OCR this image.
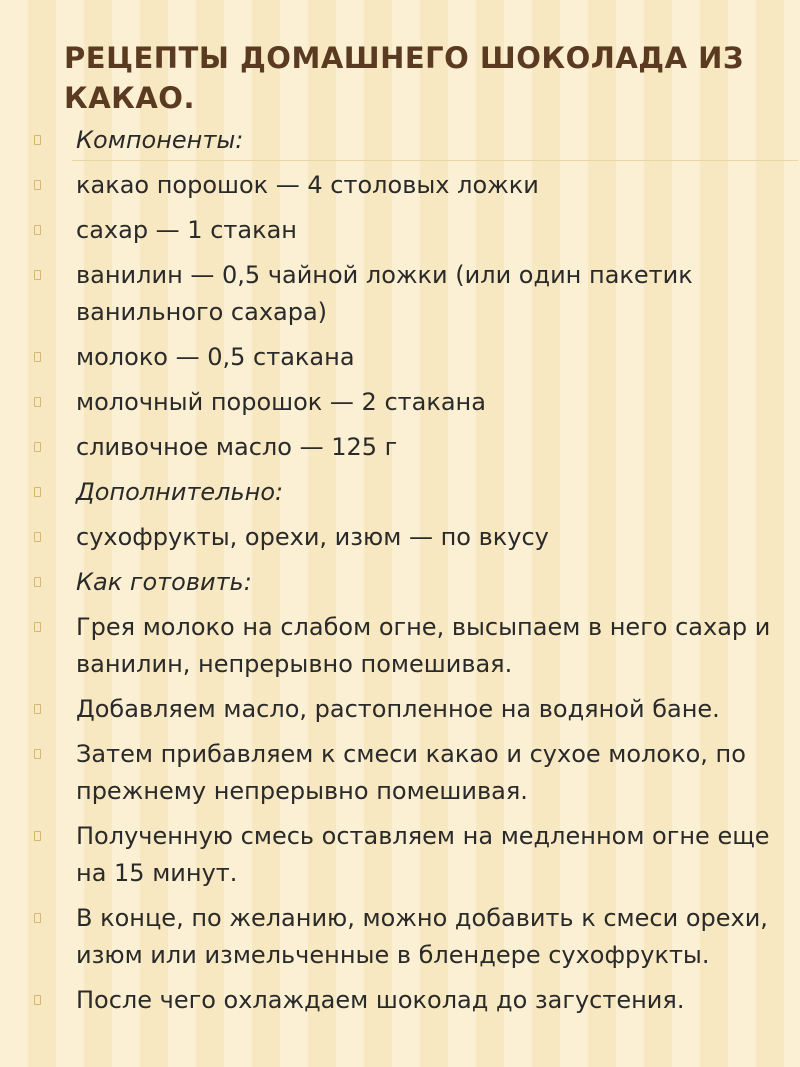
РЕЦЕПТЫ ДОМАШНЕГО ШОКОЛАДА ИЗ КАКАО.
Компоненты:
какао порошок — 4 столовых ложки
сахар — 1 стакан
ванилин — 0,5 чайной ложки (или один пакетик ванильного сахара)
молоко — 0,5 стакана
молочный порошок — 2 стакана
сливочное масло — 125 г
Дополнительно:
сухофрукты, орехи, изюм — по вкусу
Как готовить:
Грея молоко на слабом огне, высыпаем в него сахар и ванилин, непрерывно помешивая.
Добавляем масло, растопленное на водяной бане.
Затем прибавляем к смеси какао и сухое молоко, по прежнему непрерывно помешивая.
Полученную смесь оставляем на медленном огне еще на 15 минут.
В конце, по желанию, можно добавить к смеси орехи, изюм или измельченные в блендере сухофрукты.
После чего охлаждаем шоколад до загустения.
